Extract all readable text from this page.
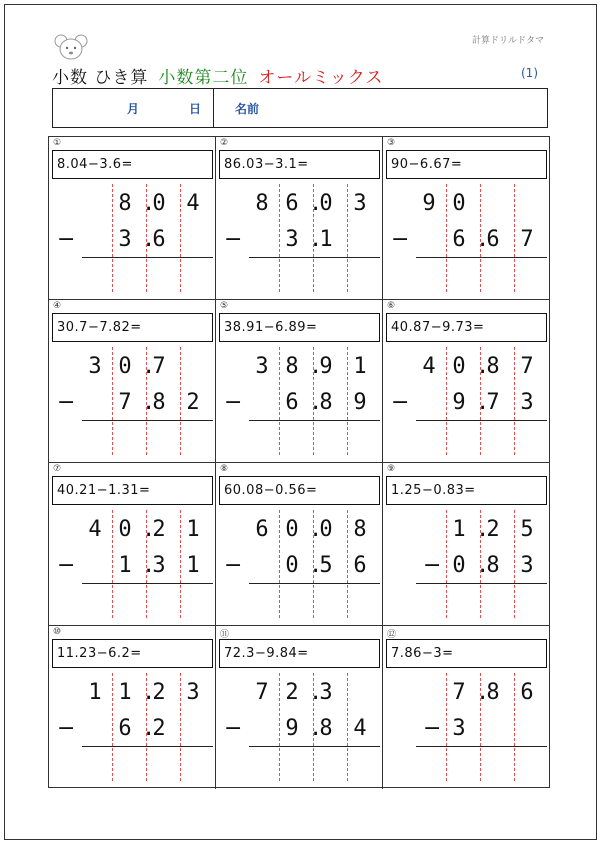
計算ドリルドタマ
小数 ひき算 小数第二位 オールミックス	(1)
月	日	名前
①
8.04−3.6=
8 0 4
.
3 6
.
−
②
86.03−3.1=
8 6 0 3
.
3 1
.
−
③
90−6.67=
9 0
6 6 7
.
−
④
30.7−7.82=
3 0 7
.
7 8 2
.
−
⑤
38.91−6.89=
3 8 9 1
.
6 8 9
.
−
⑥
40.87−9.73=
4 0 8 7
.
9 7 3
.
−
⑦
40.21−1.31=
4 0 2 1
.
1 3 1
.
−
⑧
60.08−0.56=
6 0 0 8
.
0 5 6
.
−
⑨
1.25−0.83=
1 2 5
.
0 8 3
.
−
⑩
11.23−6.2=
1 1 2 3
.
6 2
.
−
⑪
72.3−9.84=
7 2 3
.
9 8 4
.
−
⑫
7.86−3=
7 8 6
.
3
−
